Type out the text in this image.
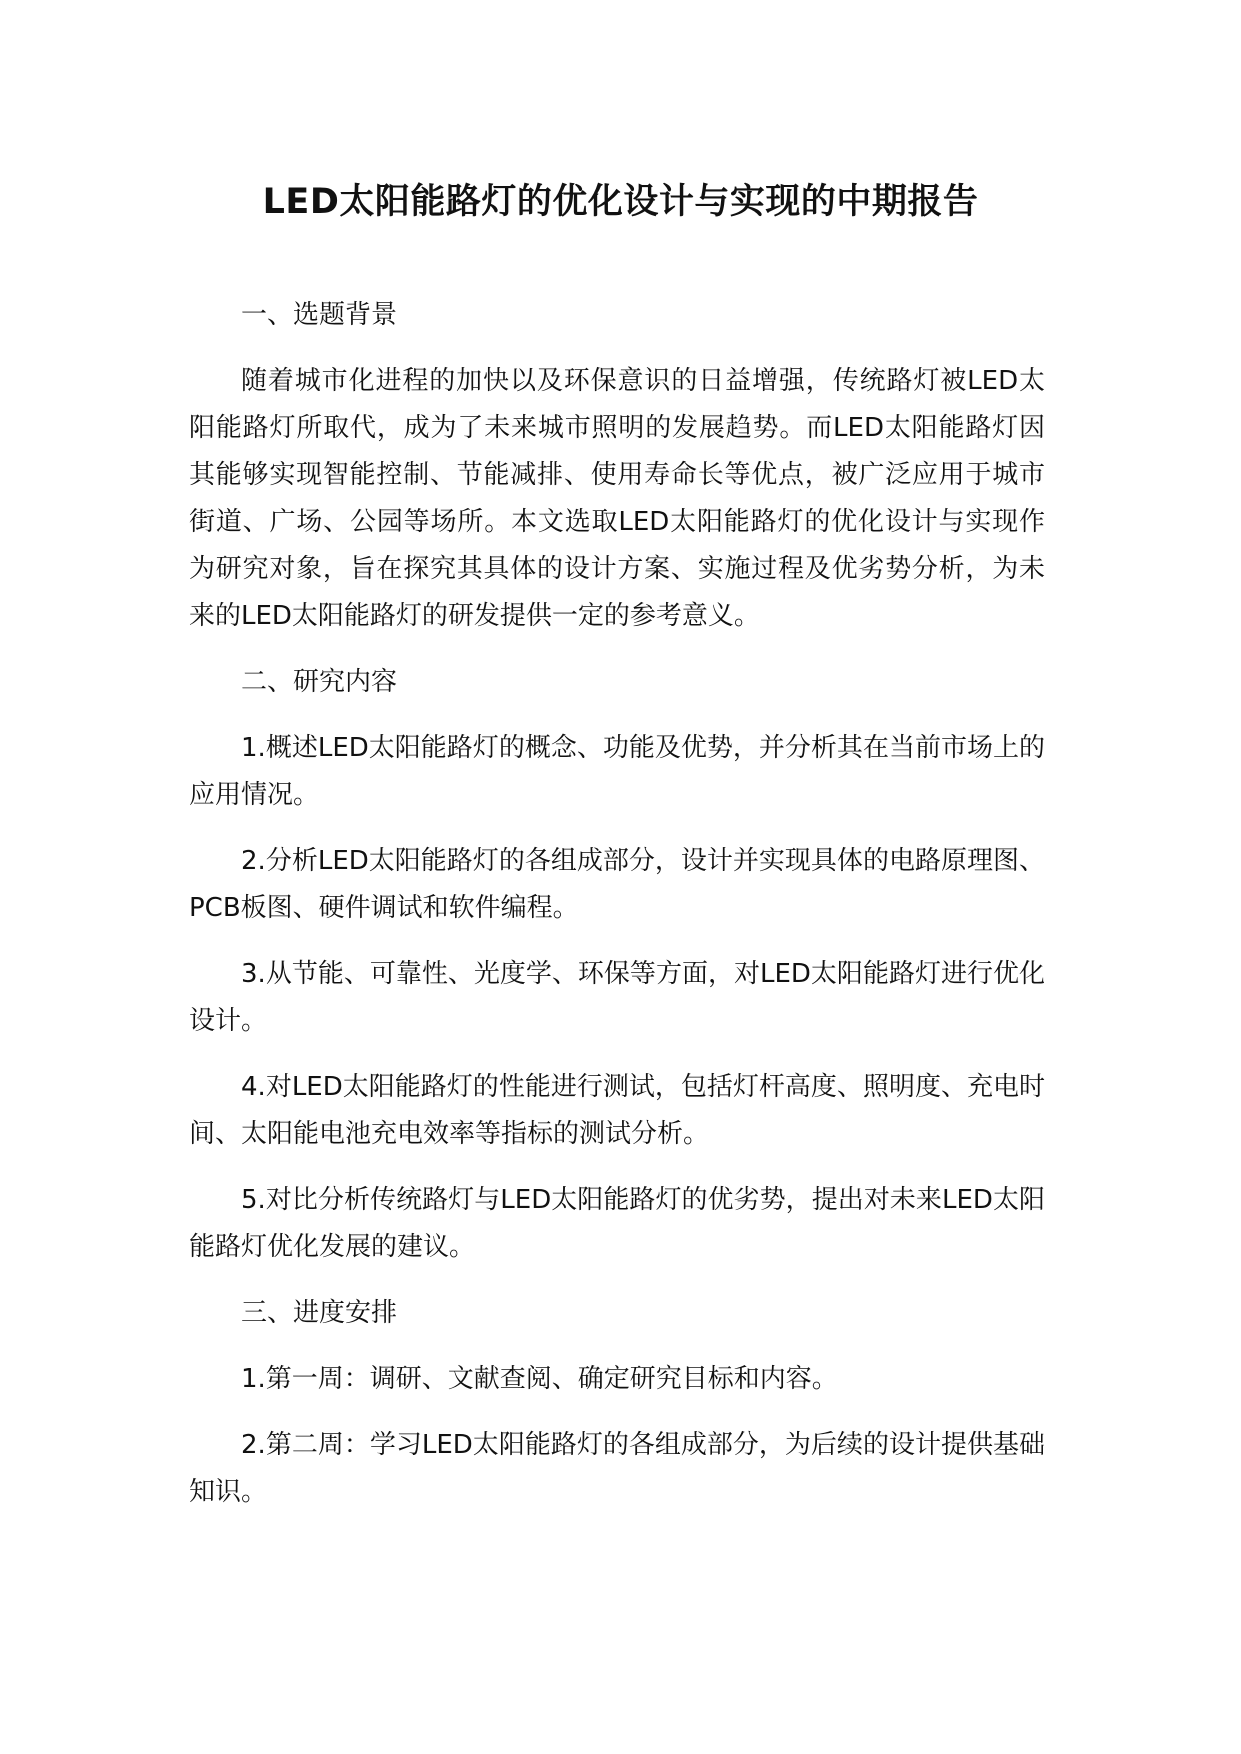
LED太阳能路灯的优化设计与实现的中期报告

一、选题背景

随着城市化进程的加快以及环保意识的日益增强，传统路灯被LED太阳能路灯所取代，成为了未来城市照明的发展趋势。而LED太阳能路灯因其能够实现智能控制、节能减排、使用寿命长等优点，被广泛应用于城市街道、广场、公园等场所。本文选取LED太阳能路灯的优化设计与实现作为研究对象，旨在探究其具体的设计方案、实施过程及优劣势分析，为未来的LED太阳能路灯的研发提供一定的参考意义。

二、研究内容

1.概述LED太阳能路灯的概念、功能及优势，并分析其在当前市场上的应用情况。

2.分析LED太阳能路灯的各组成部分，设计并实现具体的电路原理图、PCB板图、硬件调试和软件编程。

3.从节能、可靠性、光度学、环保等方面，对LED太阳能路灯进行优化设计。

4.对LED太阳能路灯的性能进行测试，包括灯杆高度、照明度、充电时间、太阳能电池充电效率等指标的测试分析。

5.对比分析传统路灯与LED太阳能路灯的优劣势，提出对未来LED太阳能路灯优化发展的建议。

三、进度安排

1.第一周：调研、文献查阅、确定研究目标和内容。

2.第二周：学习LED太阳能路灯的各组成部分，为后续的设计提供基础知识。
